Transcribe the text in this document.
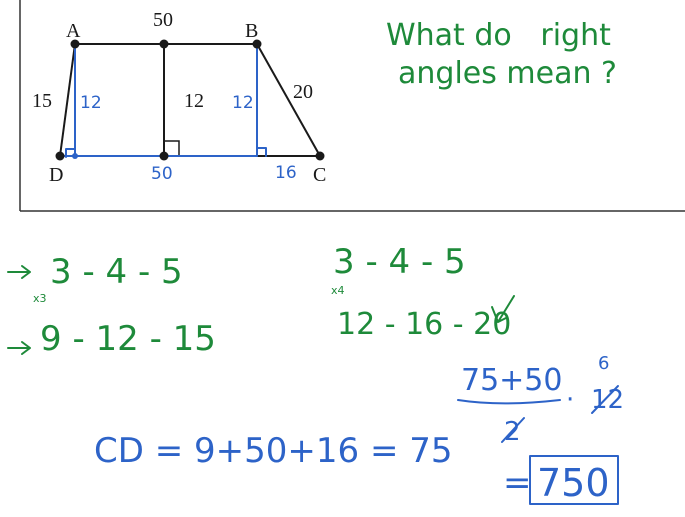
A	B
C
D
50
15	12	20
12	12
50	16
What do   right
angles mean ?
3 - 4 - 5
x3
9 - 12 - 15
3 - 4 - 5
x4
12 - 16 - 20
CD = 9+50+16 = 75
75+50
2
· 12
6
= 750
